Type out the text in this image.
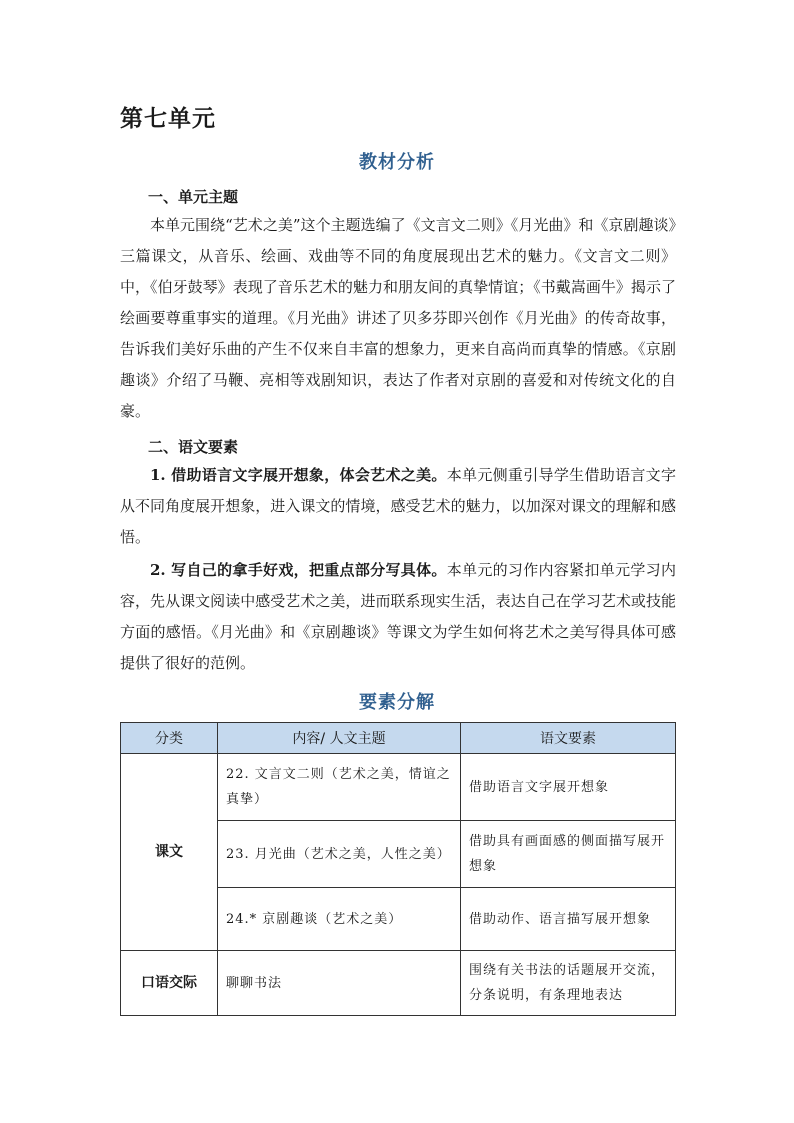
第七单元
教材分析
一、单元主题
本单元围绕“艺术之美”这个主题选编了《文言文二则》《月光曲》和《京剧趣谈》三篇课文，从音乐、绘画、戏曲等不同的角度展现出艺术的魅力。《文言文二则》中，《伯牙鼓琴》表现了音乐艺术的魅力和朋友间的真挚情谊；《书戴嵩画牛》揭示了绘画要尊重事实的道理。《月光曲》讲述了贝多芬即兴创作《月光曲》的传奇故事，告诉我们美好乐曲的产生不仅来自丰富的想象力，更来自高尚而真挚的情感。《京剧趣谈》介绍了马鞭、亮相等戏剧知识，表达了作者对京剧的喜爱和对传统文化的自豪。
二、语文要素
1. 借助语言文字展开想象，体会艺术之美。本单元侧重引导学生借助语言文字从不同角度展开想象，进入课文的情境，感受艺术的魅力，以加深对课文的理解和感悟。
2. 写自己的拿手好戏，把重点部分写具体。本单元的习作内容紧扣单元学习内容，先从课文阅读中感受艺术之美，进而联系现实生活，表达自己在学习艺术或技能方面的感悟。《月光曲》和《京剧趣谈》等课文为学生如何将艺术之美写得具体可感提供了很好的范例。
要素分解
分类	内容/ 人文主题	语文要素
课文	22. 文言文二则（艺术之美，情谊之真挚）	借助语言文字展开想象
	23. 月光曲（艺术之美，人性之美）	借助具有画面感的侧面描写展开想象
	24.* 京剧趣谈（艺术之美）	借助动作、语言描写展开想象
口语交际	聊聊书法	围绕有关书法的话题展开交流，分条说明，有条理地表达
